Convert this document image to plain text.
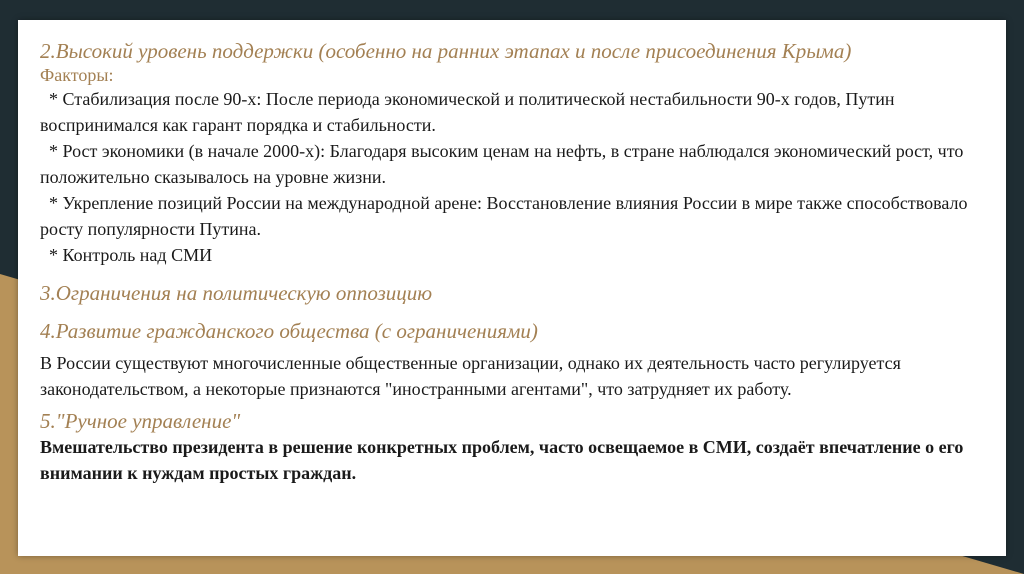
2.Высокий уровень поддержки (особенно на ранних этапах и после присоединения Крыма)

Факторы:

* Стабилизация после 90-х: После периода экономической и политической нестабильности 90-х годов, Путин воспринимался как гарант порядка и стабильности.

* Рост экономики (в начале 2000-х): Благодаря высоким ценам на нефть, в стране наблюдался экономический рост, что положительно сказывалось на уровне жизни.

* Укрепление позиций России на международной арене: Восстановление влияния России в мире также способствовало росту популярности Путина.

* Контроль над СМИ

3.Ограничения на политическую оппозицию

4.Развитие гражданского общества (с ограничениями)

В России существуют многочисленные общественные организации, однако их деятельность часто регулируется законодательством, а некоторые признаются "иностранными агентами", что затрудняет их работу.

5."Ручное управление"

Вмешательство президента в решение конкретных проблем, часто освещаемое в СМИ, создаёт впечатление о его внимании к нуждам простых граждан.
